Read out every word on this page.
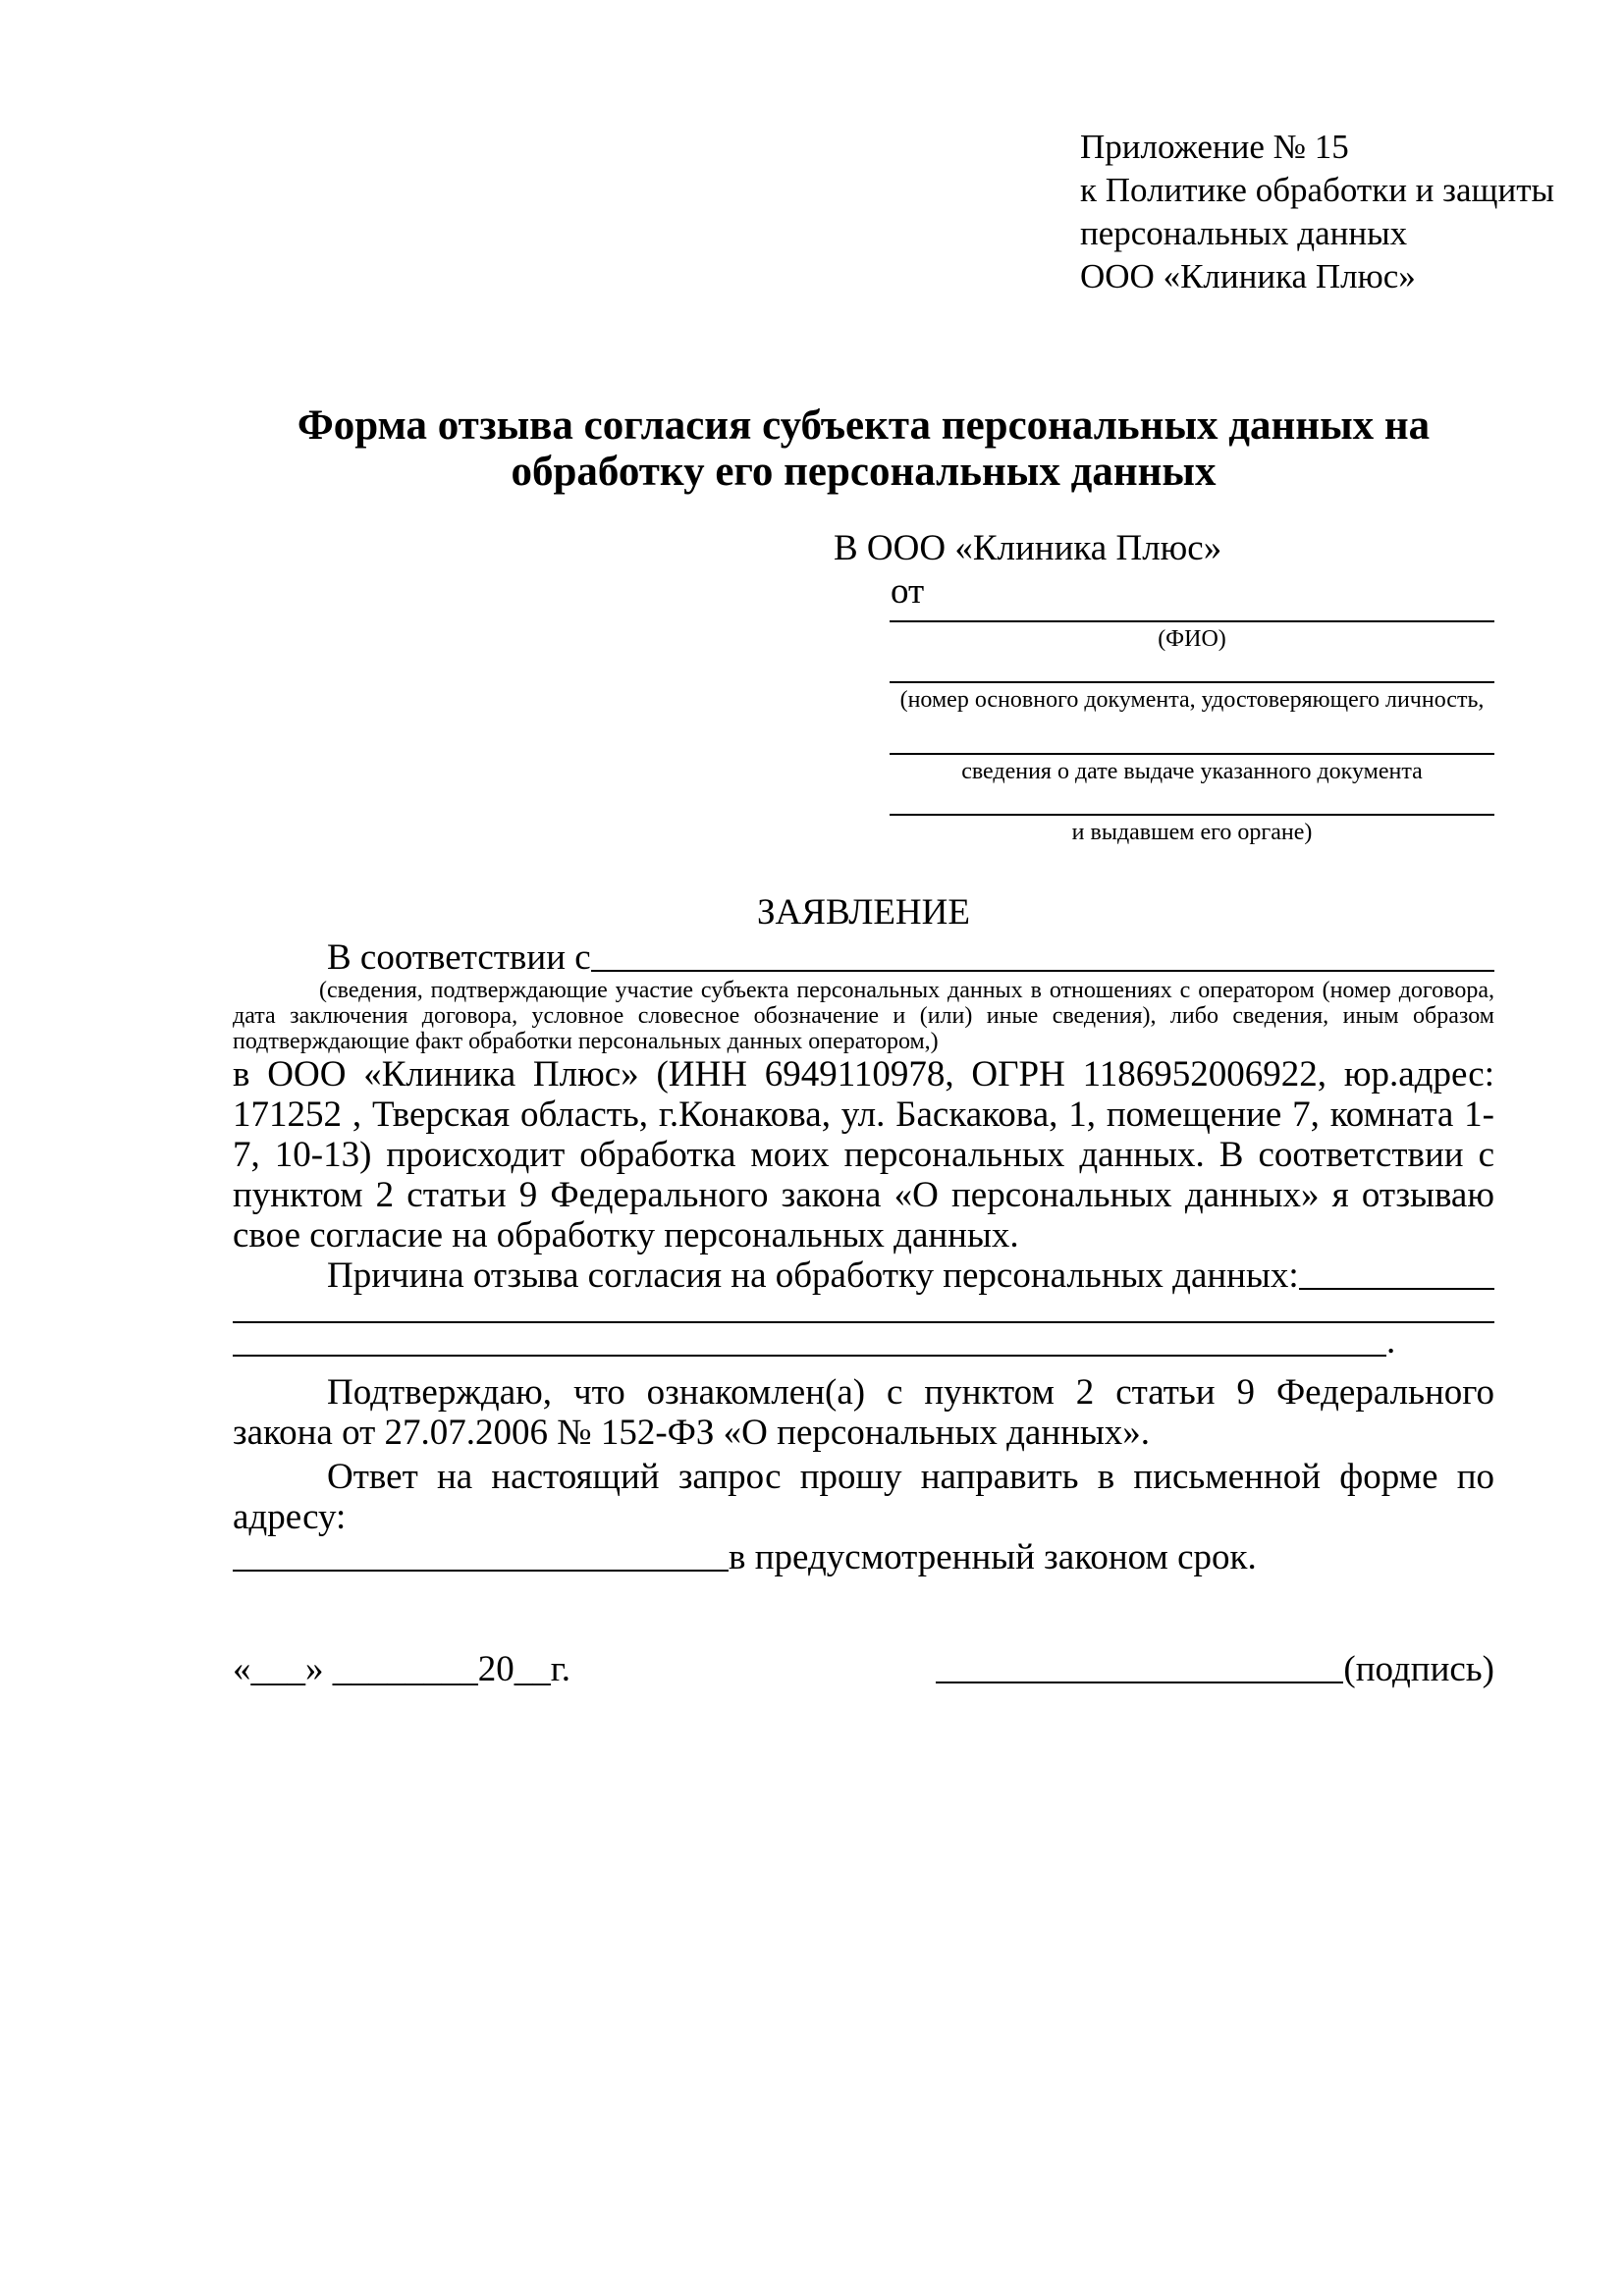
Приложение № 15
к Политике обработки и защиты
персональных данных
ООО «Клиника Плюс»
Форма отзыва согласия субъекта персональных данных на обработку его персональных данных
В ООО «Клиника Плюс»
от
(ФИО)
(номер основного документа, удостоверяющего личность,
сведения о дате выдаче указанного документа
и выдавшем его органе)
ЗАЯВЛЕНИЕ
В соответствии с
(сведения, подтверждающие участие субъекта персональных данных в отношениях с оператором (номер договора, дата заключения договора, условное словесное обозначение и (или) иные сведения), либо сведения, иным образом подтверждающие факт обработки персональных данных оператором,)
в ООО «Клиника Плюс» (ИНН 6949110978, ОГРН 1186952006922, юр.адрес: 171252 , Тверская область, г.Конакова, ул. Баскакова, 1, помещение 7, комната 1-7, 10-13) происходит обработка моих персональных данных. В соответствии с пунктом 2 статьи 9 Федерального закона «О персональных данных» я отзываю свое согласие на обработку персональных данных.
Причина отзыва согласия на обработку персональных данных:
.
Подтверждаю, что ознакомлен(а) с пунктом 2 статьи 9 Федерального закона от 27.07.2006 № 152-ФЗ «О персональных данных».
Ответ на настоящий запрос прошу направить в письменной форме по адресу:
в предусмотренный законом срок.
«___» ________20__г.	(подпись)
